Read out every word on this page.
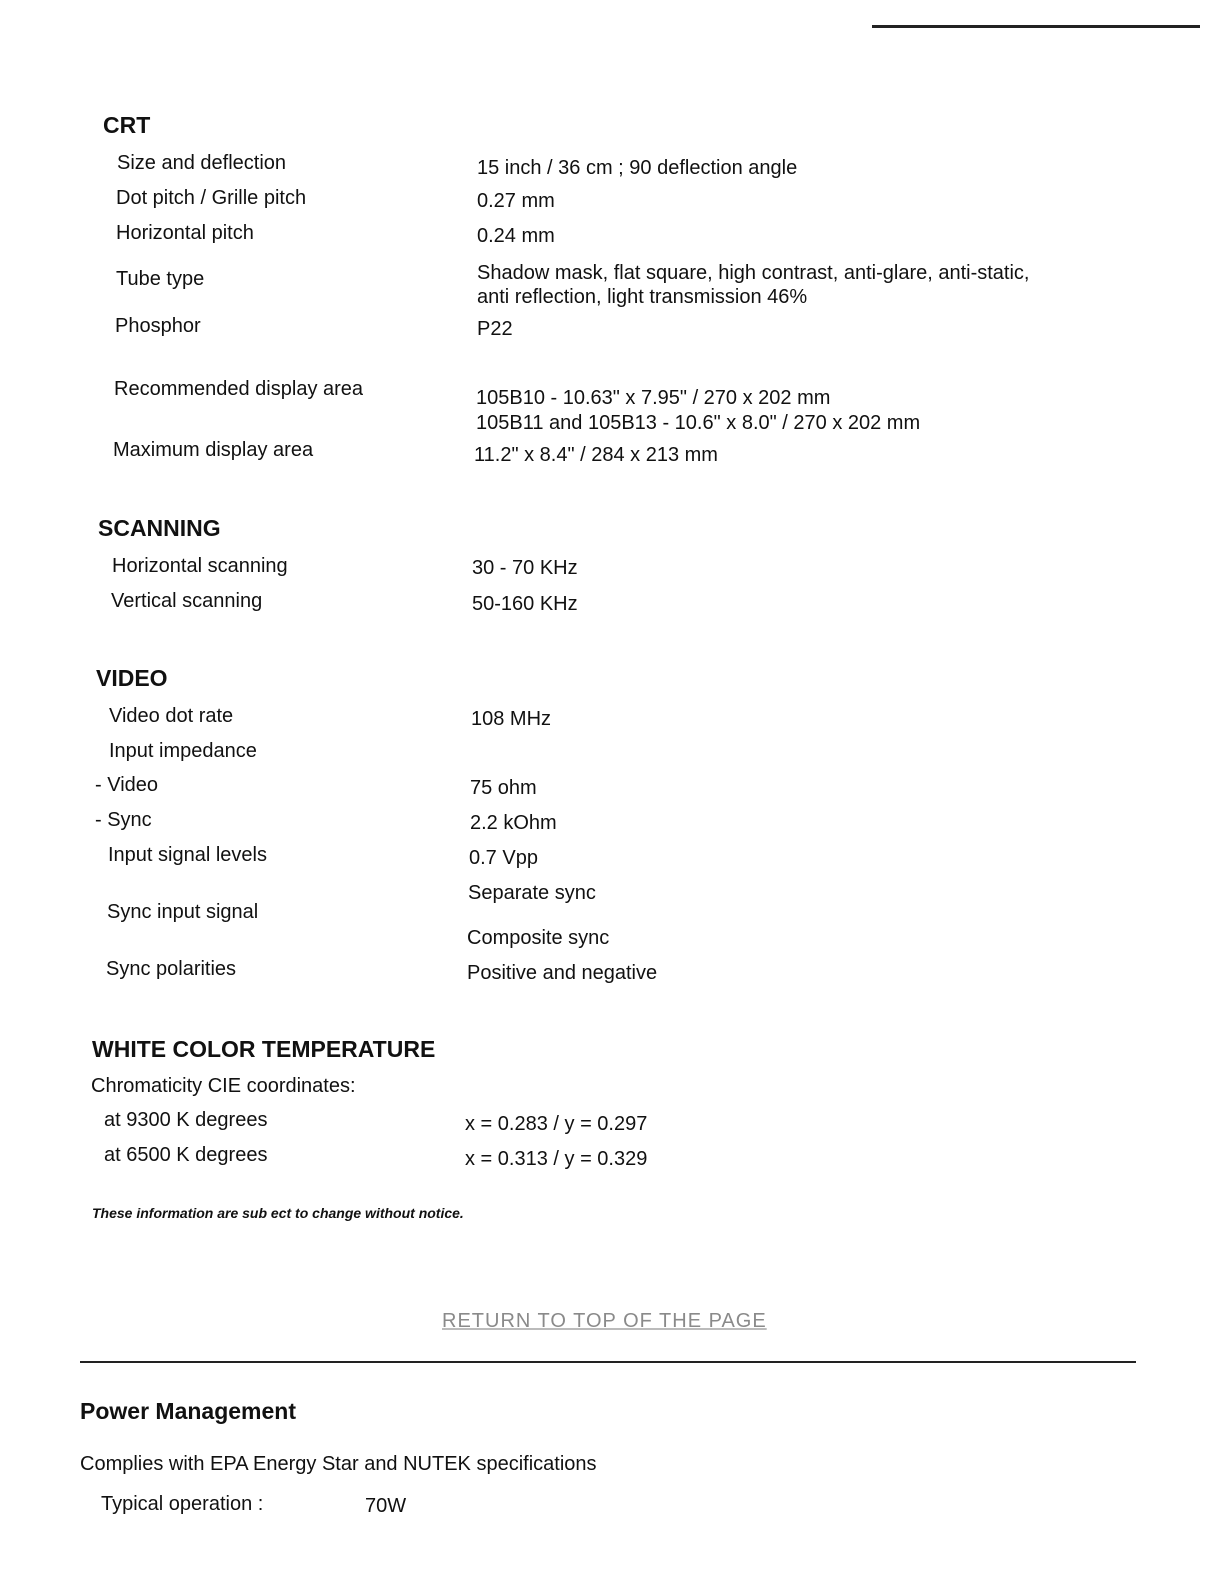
CRT
Size and deflection	15 inch / 36 cm ; 90 deflection angle
Dot pitch / Grille pitch	0.27 mm
Horizontal pitch	0.24 mm
Tube type	Shadow mask, flat square, high contrast, anti-glare, anti-static,
anti reflection, light transmission 46%
Phosphor	P22
Recommended display area	105B10 - 10.63" x 7.95" / 270 x 202 mm
105B11 and 105B13 - 10.6" x 8.0" / 270 x 202 mm
Maximum display area	11.2" x 8.4" / 284 x 213 mm
SCANNING
Horizontal scanning	30 - 70 KHz
Vertical scanning	50-160 KHz
VIDEO
Video dot rate	108 MHz
Input impedance
- Video	75 ohm
- Sync	2.2 kOhm
Input signal levels	0.7 Vpp
Sync input signal
Separate sync
Composite sync
Sync polarities	Positive and negative
WHITE COLOR TEMPERATURE
Chromaticity CIE coordinates:
at 9300 K degrees	x = 0.283 / y = 0.297
at 6500 K degrees	x = 0.313 / y = 0.329
These information are sub ect to change without notice.
RETURN TO TOP OF THE PAGE
Power Management
Complies with EPA Energy Star and NUTEK specifications
Typical operation :	70W
